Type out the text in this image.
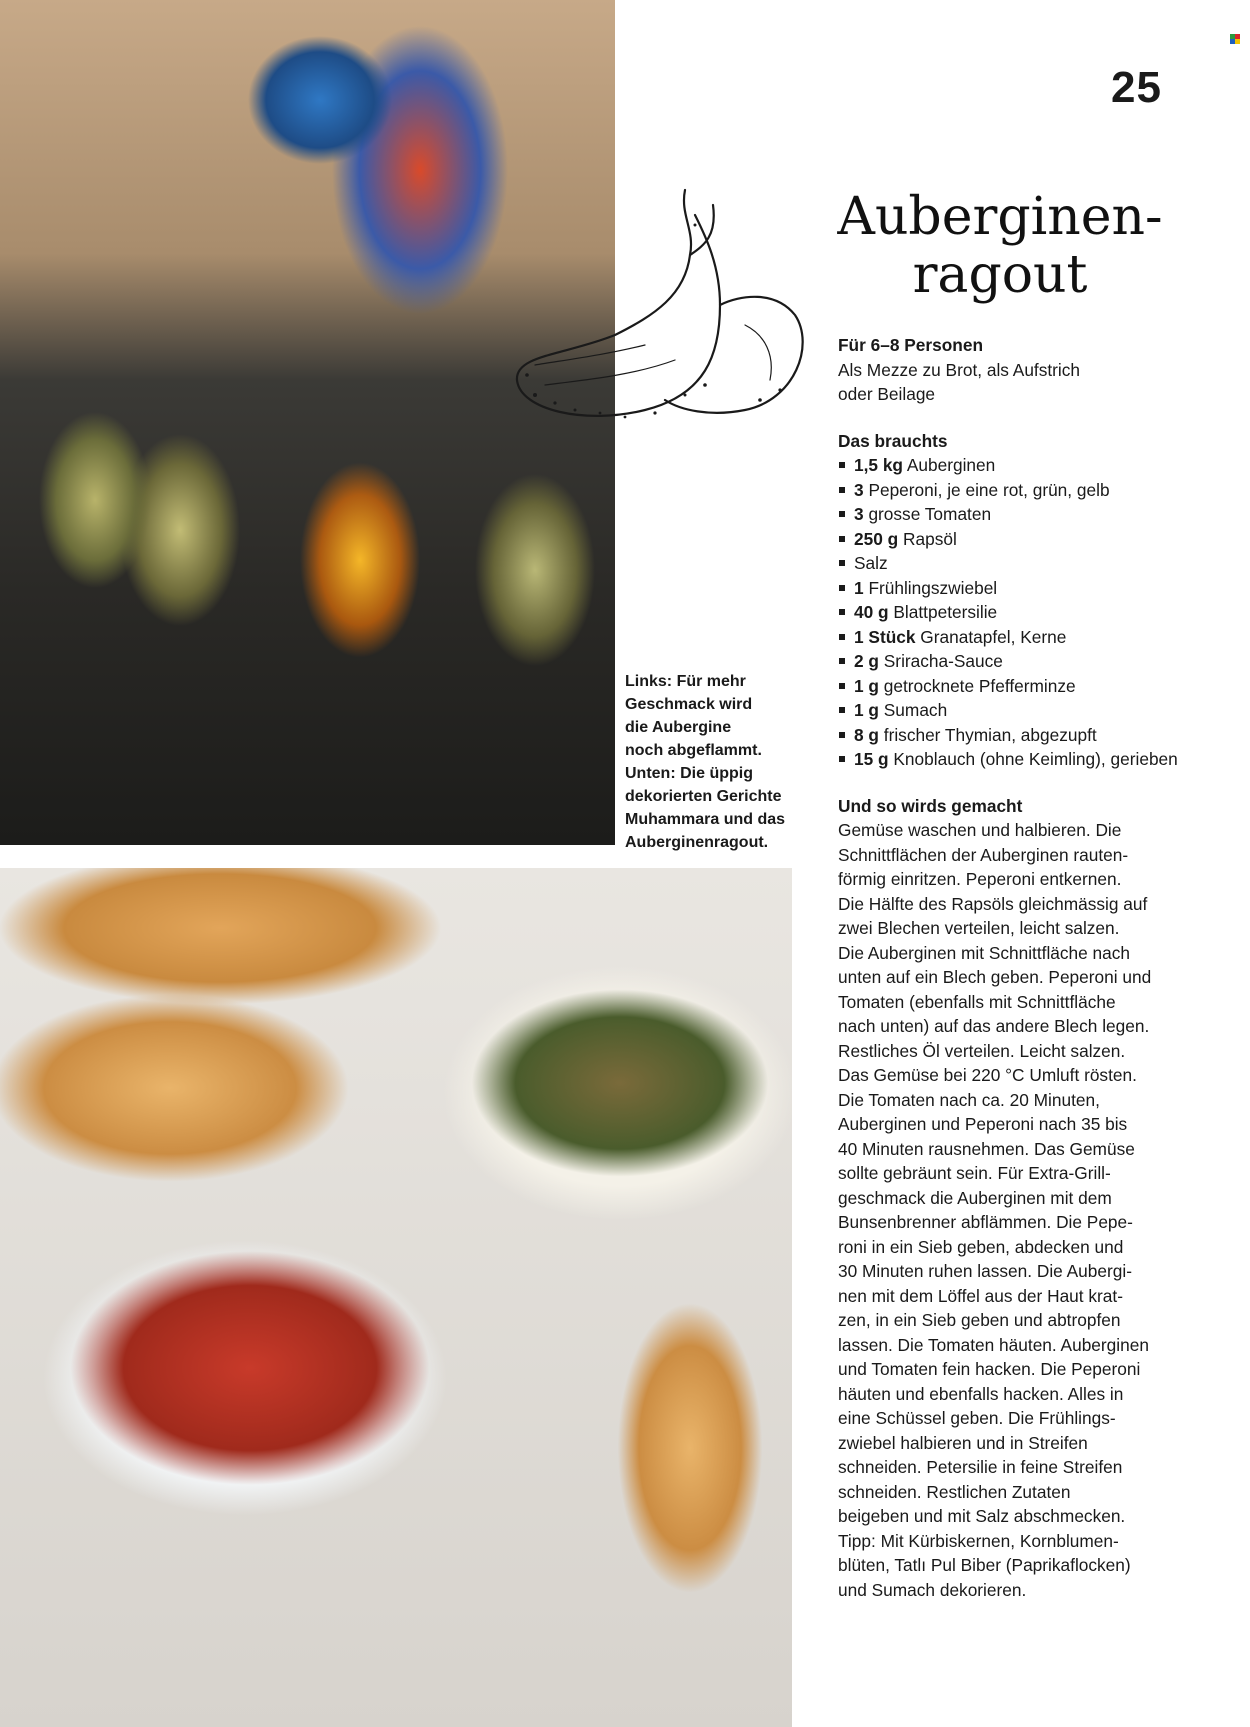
Links: Für mehr

Geschmack wird

die Aubergine

noch abgeflammt.

Unten: Die üppig

dekorierten Gerichte

Muhammara und das

Auberginenragout.

25
Auberginen-
ragout

Für 6–8 Personen

Als Mezze zu Brot, als Aufstrich

oder Beilage

Das brauchts

1,5 kg Auberginen
3 Peperoni, je eine rot, grün, gelb
3 grosse Tomaten
250 g Rapsöl
Salz
1 Frühlingszwiebel
40 g Blattpetersilie
1 Stück Granatapfel, Kerne
2 g Sriracha-Sauce
1 g getrocknete Pfefferminze
1 g Sumach
8 g frischer Thymian, abgezupft
15 g Knoblauch (ohne Keimling), gerieben

Und so wirds gemacht

Gemüse waschen und halbieren. Die
Schnittflächen der Auberginen rauten-
förmig einritzen. Peperoni entkernen.
Die Hälfte des Rapsöls gleichmässig auf
zwei Blechen verteilen, leicht salzen.
Die Auberginen mit Schnittfläche nach
unten auf ein Blech geben. Peperoni und
Tomaten (ebenfalls mit Schnittfläche
nach unten) auf das andere Blech legen.
Restliches Öl verteilen. Leicht salzen.
Das Gemüse bei 220 °C Umluft rösten.
Die Tomaten nach ca. 20 Minuten,
Auberginen und Peperoni nach 35 bis
40 Minuten rausnehmen. Das Gemüse
sollte gebräunt sein. Für Extra-Grill-
geschmack die Auberginen mit dem
Bunsenbrenner abflämmen. Die Pepe-
roni in ein Sieb geben, abdecken und
30 Minuten ruhen lassen. Die Aubergi-
nen mit dem Löffel aus der Haut krat-
zen, in ein Sieb geben und abtropfen
lassen. Die Tomaten häuten. Auberginen
und Tomaten fein hacken. Die Peperoni
häuten und ebenfalls hacken. Alles in
eine Schüssel geben. Die Frühlings-
zwiebel halbieren und in Streifen
schneiden. Petersilie in feine Streifen
schneiden. Restlichen Zutaten
beigeben und mit Salz abschmecken.
Tipp: Mit Kürbiskernen, Kornblumen-
blüten, Tatlı Pul Biber (Paprikaflocken)
und Sumach dekorieren.
